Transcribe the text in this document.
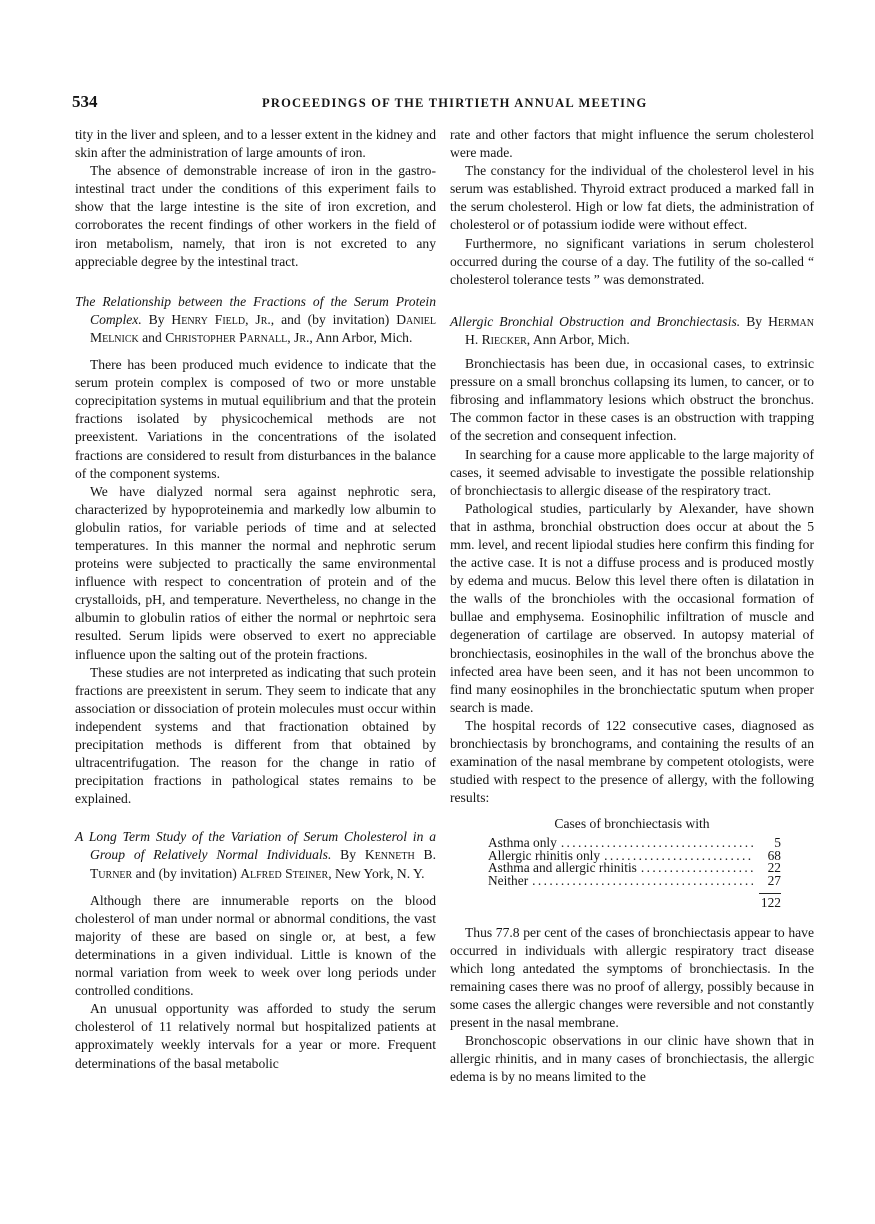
534	PROCEEDINGS OF THE THIRTIETH ANNUAL MEETING

tity in the liver and spleen, and to a lesser extent in the kidney and skin after the administration of large amounts of iron.

The absence of demonstrable increase of iron in the gastro-intestinal tract under the conditions of this experiment fails to show that the large intestine is the site of iron excretion, and corroborates the recent findings of other workers in the field of iron metabolism, namely, that iron is not excreted to any appreciable degree by the intestinal tract.

The Relationship between the Fractions of the Serum Protein Complex. By Henry Field, Jr., and (by invitation) Daniel Melnick and Christopher Parnall, Jr., Ann Arbor, Mich.

There has been produced much evidence to indicate that the serum protein complex is composed of two or more unstable coprecipitation systems in mutual equilibrium and that the protein fractions isolated by physicochemical methods are not preexistent. Variations in the concentrations of the isolated fractions are considered to result from disturbances in the balance of the component systems.

We have dialyzed normal sera against nephrotic sera, characterized by hypoproteinemia and markedly low albumin to globulin ratios, for variable periods of time and at selected temperatures. In this manner the normal and nephrotic serum proteins were subjected to practically the same environmental influence with respect to concentration of protein and of the crystalloids, pH, and temperature. Nevertheless, no change in the albumin to globulin ratios of either the normal or nephrtoic sera resulted. Serum lipids were observed to exert no appreciable influence upon the salting out of the protein fractions.

These studies are not interpreted as indicating that such protein fractions are preexistent in serum. They seem to indicate that any association or dissociation of protein molecules must occur within independent systems and that fractionation obtained by precipitation methods is different from that obtained by ultracentrifugation. The reason for the change in ratio of precipitation fractions in pathological states remains to be explained.

A Long Term Study of the Variation of Serum Cholesterol in a Group of Relatively Normal Individuals. By Kenneth B. Turner and (by invitation) Alfred Steiner, New York, N. Y.

Although there are innumerable reports on the blood cholesterol of man under normal or abnormal conditions, the vast majority of these are based on single or, at best, a few determinations in a given individual. Little is known of the normal variation from week to week over long periods under controlled conditions.

An unusual opportunity was afforded to study the serum cholesterol of 11 relatively normal but hospitalized patients at approximately weekly intervals for a year or more. Frequent determinations of the basal metabolic

rate and other factors that might influence the serum cholesterol were made.

The constancy for the individual of the cholesterol level in his serum was established. Thyroid extract produced a marked fall in the serum cholesterol. High or low fat diets, the administration of cholesterol or of potassium iodide were without effect.

Furthermore, no significant variations in serum cholesterol occurred during the course of a day. The futility of the so-called “ cholesterol tolerance tests ” was demonstrated.

Allergic Bronchial Obstruction and Bronchiectasis. By Herman H. Riecker, Ann Arbor, Mich.

Bronchiectasis has been due, in occasional cases, to extrinsic pressure on a small bronchus collapsing its lumen, to cancer, or to fibrosing and inflammatory lesions which obstruct the bronchus. The common factor in these cases is an obstruction with trapping of the secretion and consequent infection.

In searching for a cause more applicable to the large majority of cases, it seemed advisable to investigate the possible relationship of bronchiectasis to allergic disease of the respiratory tract.

Pathological studies, particularly by Alexander, have shown that in asthma, bronchial obstruction does occur at about the 5 mm. level, and recent lipiodal studies here confirm this finding for the active case. It is not a diffuse process and is produced mostly by edema and mucus. Below this level there often is dilatation in the walls of the bronchioles with the occasional formation of bullae and emphysema. Eosinophilic infiltration of muscle and degeneration of cartilage are observed. In autopsy material of bronchiectasis, eosinophiles in the wall of the bronchus above the infected area have been seen, and it has not been uncommon to find many eosinophiles in the bronchiectatic sputum when proper search is made.

The hospital records of 122 consecutive cases, diagnosed as bronchiectasis by bronchograms, and containing the results of an examination of the nasal membrane by competent otologists, were studied with respect to the presence of allergy, with the following results:

Cases of bronchiectasis with

Asthma only .....	5
Allergic rhinitis only .....	68
Asthma and allergic rhinitis .....	22
Neither .....	27
122

Thus 77.8 per cent of the cases of bronchiectasis appear to have occurred in individuals with allergic respiratory tract disease which long antedated the symptoms of bronchiectasis. In the remaining cases there was no proof of allergy, possibly because in some cases the allergic changes were reversible and not constantly present in the nasal membrane.

Bronchoscopic observations in our clinic have shown that in allergic rhinitis, and in many cases of bronchiectasis, the allergic edema is by no means limited to the
